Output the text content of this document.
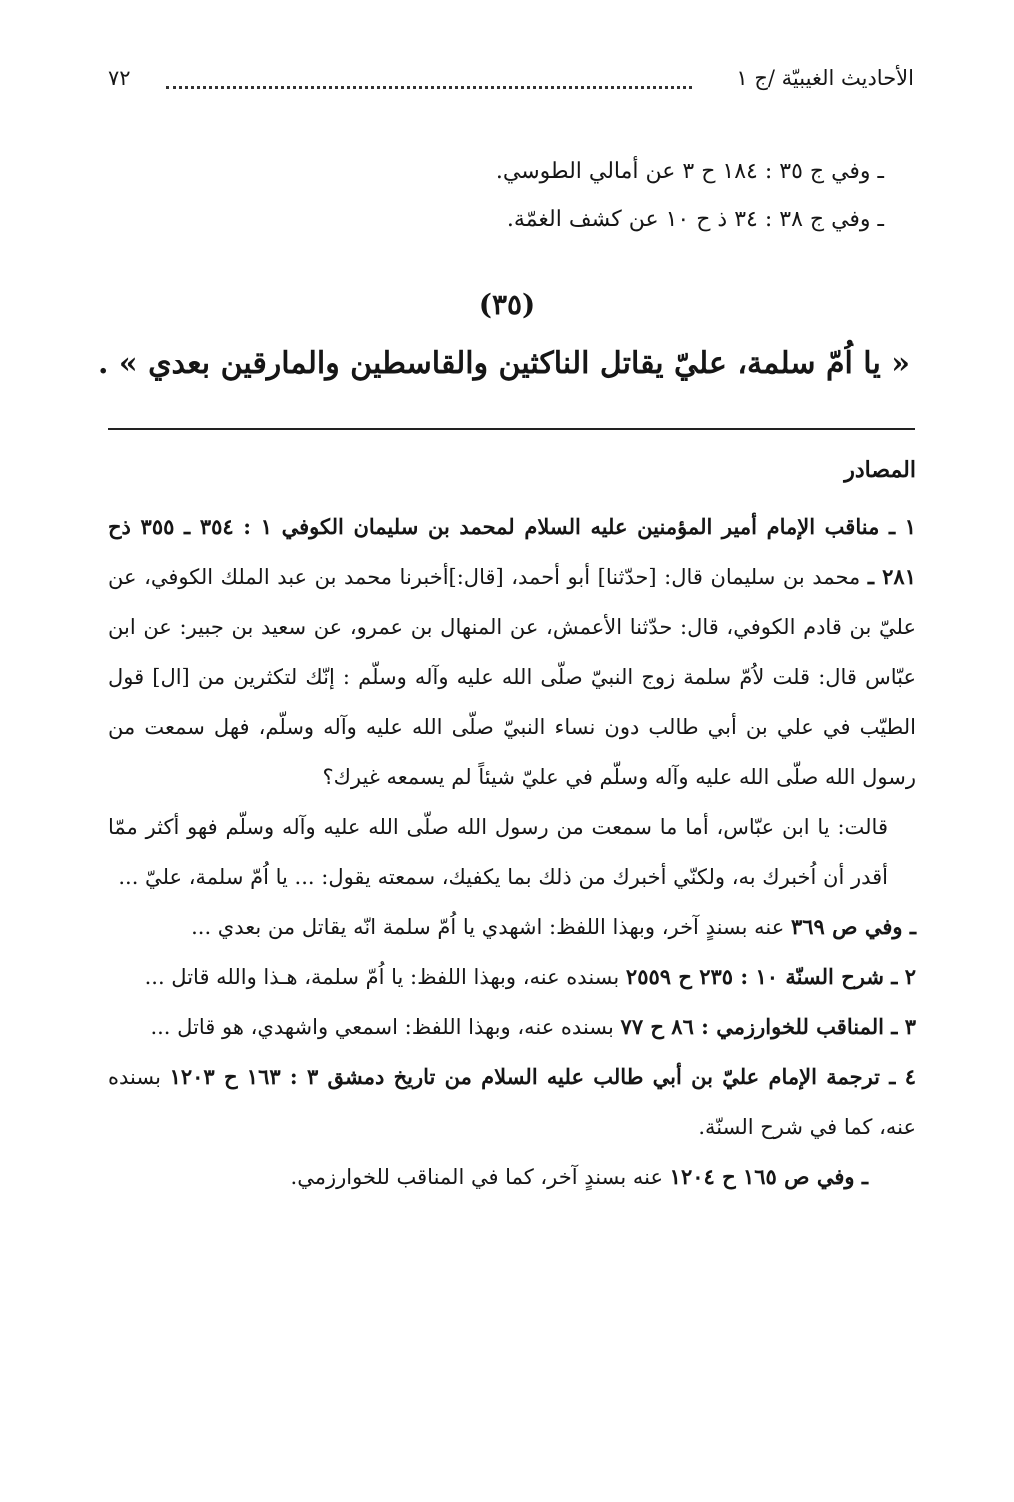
الأحاديث الغيبيّة /ج ١
٧٢

ـ وفي ج ٣٥ : ١٨٤ ح ٣ عن أمالي الطوسي.

ـ وفي ج ٣٨ : ٣٤ ذ ح ١٠ عن كشف الغمّة.

(٣٥)
« يا اُمّ سلمة، عليّ يقاتل الناكثين والقاسطين والمارقين بعدي » .
المصادر

١ ـ مناقب الإمام أمير المؤمنين عليه السلام لمحمد بن سليمان الكوفي ١ : ٣٥٤ ـ ٣٥٥ ذح ٢٨١ ـ محمد بن سليمان قال: [حدّثنا] أبو أحمد، [قال:]أخبرنا محمد بن عبد الملك الكوفي، عن عليّ بن قادم الكوفي، قال: حدّثنا الأعمش، عن المنهال بن عمرو، عن سعيد بن جبير: عن ابن عبّاس قال: قلت لاُمّ سلمة زوج النبيّ صلّى الله عليه وآله وسلّم : إنّك لتكثرين من [ال] قول الطيّب في علي بن أبي طالب دون نساء النبيّ صلّى الله عليه وآله وسلّم، فهل سمعت من رسول الله صلّى الله عليه وآله وسلّم في عليّ شيئاً لم يسمعه غيرك؟

قالت: يا ابن عبّاس، أما ما سمعت من رسول الله صلّى الله عليه وآله وسلّم فهو أكثر ممّا أقدر أن اُخبرك به، ولكنّي أخبرك من ذلك بما يكفيك، سمعته يقول: ... يا اُمّ سلمة، عليّ ...

ـ وفي ص ٣٦٩ عنه بسندٍ آخر، وبهذا اللفظ: اشهدي يا اُمّ سلمة انّه يقاتل من بعدي ...

٢ ـ شرح السنّة ١٠ : ٢٣٥ ح ٢٥٥٩ بسنده عنه، وبهذا اللفظ: يا اُمّ سلمة، هـذا والله قاتل ...

٣ ـ المناقب للخوارزمي : ٨٦ ح ٧٧ بسنده عنه، وبهذا اللفظ: اسمعي واشهدي، هو قاتل ...

٤ ـ ترجمة الإمام عليّ بن أبي طالب عليه السلام من تاريخ دمشق ٣ : ١٦٣ ح ١٢٠٣ بسنده عنه، كما في شرح السنّة.

ـ وفي ص ١٦٥ ح ١٢٠٤ عنه بسندٍ آخر، كما في المناقب للخوارزمي.
